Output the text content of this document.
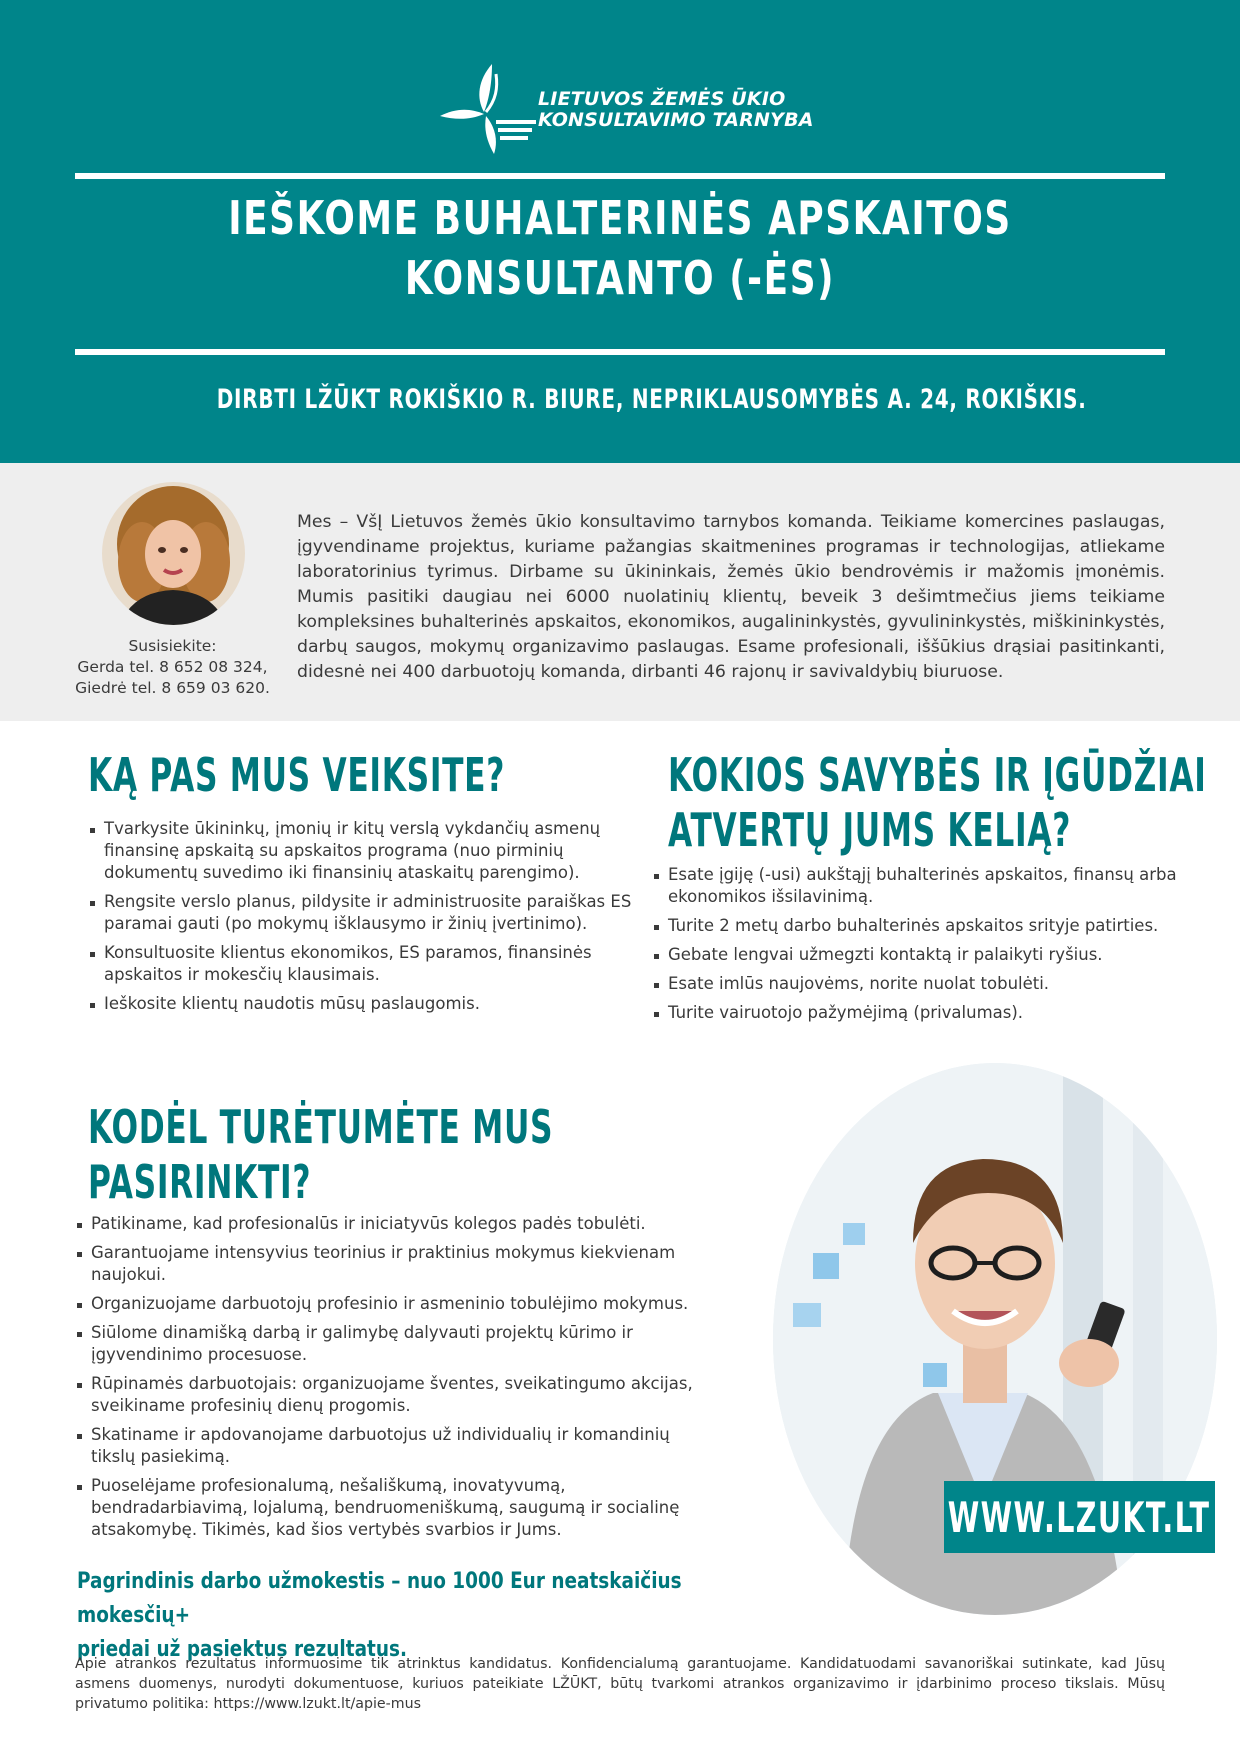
LIETUVOS ŽEMĖS ŪKIO
KONSULTAVIMO TARNYBA
IEŠKOME BUHALTERINĖS APSKAITOS
KONSULTANTO (-ĖS)
DIRBTI LŽŪKT ROKIŠKIO R. BIURE, NEPRIKLAUSOMYBĖS A. 24, ROKIŠKIS.
Susisiekite:
Gerda tel. 8 652 08 324,
Giedrė tel. 8 659 03 620.
Mes – VšĮ Lietuvos žemės ūkio konsultavimo tarnybos komanda. Teikiame komercines paslaugas, įgyvendiname projektus, kuriame pažangias skaitmenines programas ir technologijas, atliekame laboratorinius tyrimus. Dirbame su ūkininkais, žemės ūkio bendrovėmis ir mažomis įmonėmis. Mumis pasitiki daugiau nei 6000 nuolatinių klientų, beveik 3 dešimtmečius jiems teikiame kompleksines buhalterinės apskaitos, ekonomikos, augalininkystės, gyvulininkystės, miškininkystės, darbų saugos, mokymų organizavimo paslaugas. Esame profesionali, iššūkius drąsiai pasitinkanti, didesnė nei 400 darbuotojų komanda, dirbanti 46 rajonų ir savivaldybių biuruose.
KĄ PAS MUS VEIKSITE?
Tvarkysite ūkininkų, įmonių ir kitų verslą vykdančių asmenų finansinę apskaitą su apskaitos programa (nuo pirminių dokumentų suvedimo iki finansinių ataskaitų parengimo).
Rengsite verslo planus, pildysite ir administruosite paraiškas ES paramai gauti (po mokymų išklausymo ir žinių įvertinimo).
Konsultuosite klientus ekonomikos, ES paramos, finansinės apskaitos ir mokesčių klausimais.
Ieškosite klientų naudotis mūsų paslaugomis.
KOKIOS SAVYBĖS IR ĮGŪDŽIAI
ATVERTŲ JUMS KELIĄ?
Esate įgiję (-usi) aukštąjį buhalterinės apskaitos, finansų arba ekonomikos išsilavinimą.
Turite 2 metų darbo buhalterinės apskaitos srityje patirties.
Gebate lengvai užmegzti kontaktą ir palaikyti ryšius.
Esate imlūs naujovėms, norite nuolat tobulėti.
Turite vairuotojo pažymėjimą (privalumas).
KODĖL TURĖTUMĖTE MUS
PASIRINKTI?
Patikiname, kad profesionalūs ir iniciatyvūs kolegos padės tobulėti.
Garantuojame intensyvius teorinius ir praktinius mokymus kiekvienam naujokui.
Organizuojame darbuotojų profesinio ir asmeninio tobulėjimo mokymus.
Siūlome dinamišką darbą ir galimybę dalyvauti projektų kūrimo ir įgyvendinimo procesuose.
Rūpinamės darbuotojais: organizuojame šventes, sveikatingumo akcijas, sveikiname profesinių dienų progomis.
Skatiname ir apdovanojame darbuotojus už individualių ir komandinių tikslų pasiekimą.
Puoselėjame profesionalumą, nešališkumą, inovatyvumą, bendradarbiavimą, lojalumą, bendruomeniškumą, saugumą ir socialinę atsakomybę. Tikimės, kad šios vertybės svarbios ir Jums.	WWW.LZUKT.LT
Pagrindinis darbo užmokestis – nuo 1000 Eur neatskaičius mokesčių+
priedai už pasiektus rezultatus.
Apie atrankos rezultatus informuosime tik atrinktus kandidatus. Konfidencialumą garantuojame. Kandidatuodami savanoriškai sutinkate, kad Jūsų asmens duomenys, nurodyti dokumentuose, kuriuos pateikiate LŽŪKT, būtų tvarkomi atrankos organizavimo ir įdarbinimo proceso tikslais. Mūsų privatumo politika: https://www.lzukt.lt/apie-mus
